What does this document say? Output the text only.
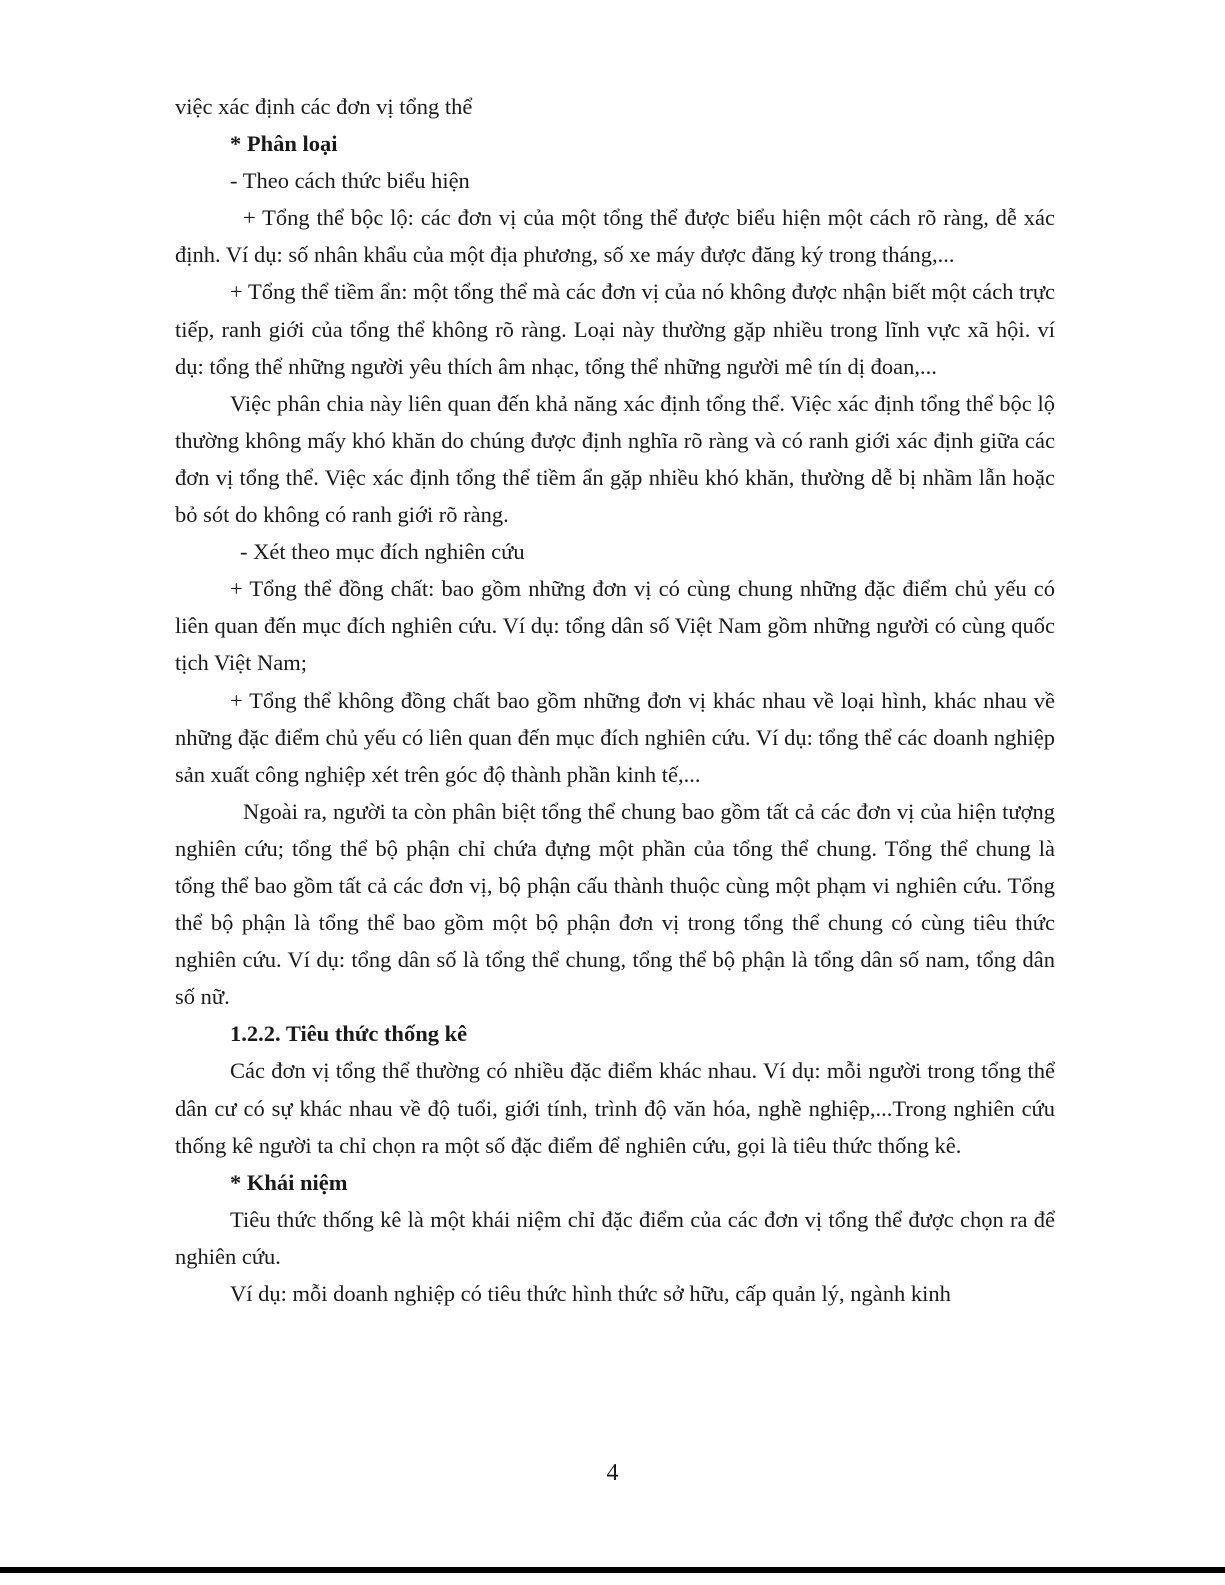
việc xác định các đơn vị tổng thể

* Phân loại

- Theo cách thức biểu hiện

+ Tổng thể bộc lộ: các đơn vị của một tổng thể được biểu hiện một cách rõ ràng, dễ xác định. Ví dụ: số nhân khẩu của một địa phương, số xe máy được đăng ký trong tháng,...

+ Tổng thể tiềm ẩn: một tổng thể mà các đơn vị của nó không được nhận biết một cách trực tiếp, ranh giới của tổng thể không rõ ràng. Loại này thường gặp nhiều trong lĩnh vực xã hội. ví dụ: tổng thể những người yêu thích âm nhạc, tổng thể những người mê tín dị đoan,...

Việc phân chia này liên quan đến khả năng xác định tổng thể. Việc xác định tổng thể bộc lộ thường không mấy khó khăn do chúng được định nghĩa rõ ràng và có ranh giới xác định giữa các đơn vị tổng thể. Việc xác định tổng thể tiềm ẩn gặp nhiều khó khăn, thường dễ bị nhầm lẫn hoặc bỏ sót do không có ranh giới rõ ràng.

- Xét theo mục đích nghiên cứu

+ Tổng thể đồng chất: bao gồm những đơn vị có cùng chung những đặc điểm chủ yếu có liên quan đến mục đích nghiên cứu. Ví dụ: tổng dân số Việt Nam gồm những người có cùng quốc tịch Việt Nam;

+ Tổng thể không đồng chất bao gồm những đơn vị khác nhau về loại hình, khác nhau về những đặc điểm chủ yếu có liên quan đến mục đích nghiên cứu. Ví dụ: tổng thể các doanh nghiệp sản xuất công nghiệp xét trên góc độ thành phần kinh tế,...

Ngoài ra, người ta còn phân biệt tổng thể chung bao gồm tất cả các đơn vị của hiện tượng nghiên cứu; tổng thể bộ phận chỉ chứa đựng một phần của tổng thể chung. Tổng thể chung là tổng thể bao gồm tất cả các đơn vị, bộ phận cấu thành thuộc cùng một phạm vi nghiên cứu. Tổng thể bộ phận là tổng thể bao gồm một bộ phận đơn vị trong tổng thể chung có cùng tiêu thức nghiên cứu. Ví dụ: tổng dân số là tổng thể chung, tổng thể bộ phận là tổng dân số nam, tổng dân số nữ.

1.2.2. Tiêu thức thống kê

Các đơn vị tổng thể thường có nhiều đặc điểm khác nhau. Ví dụ: mỗi người trong tổng thể dân cư có sự khác nhau về độ tuổi, giới tính, trình độ văn hóa, nghề nghiệp,...Trong nghiên cứu thống kê người ta chỉ chọn ra một số đặc điểm để nghiên cứu, gọi là tiêu thức thống kê.

* Khái niệm

Tiêu thức thống kê là một khái niệm chỉ đặc điểm của các đơn vị tổng thể được chọn ra để nghiên cứu.

Ví dụ: mỗi doanh nghiệp có tiêu thức hình thức sở hữu, cấp quản lý, ngành kinh

4
